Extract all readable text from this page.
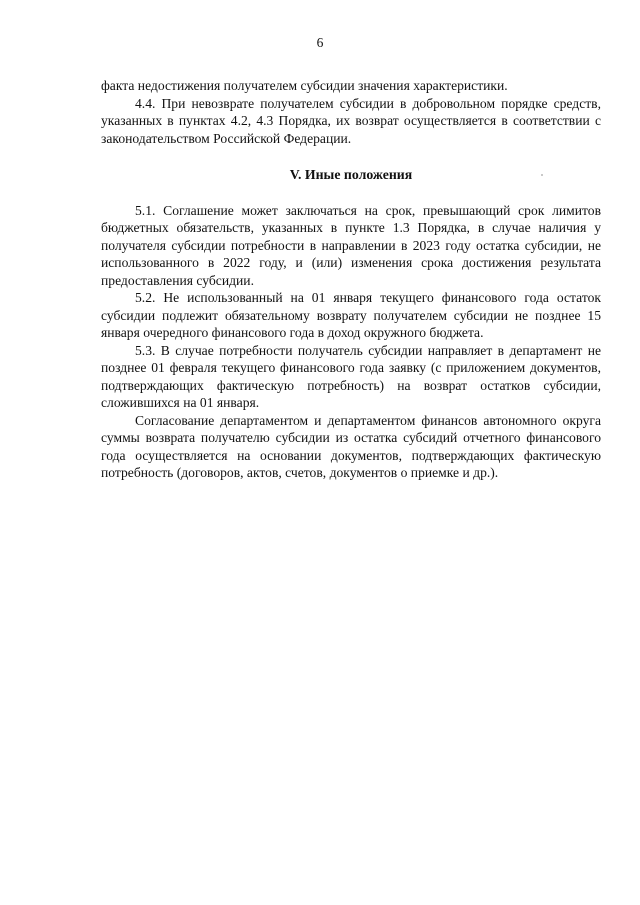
6

факта недостижения получателем субсидии значения характеристики.

4.4. При невозврате получателем субсидии в добровольном порядке средств, указанных в пунктах 4.2, 4.3 Порядка, их возврат осуществляется в соответствии с законодательством Российской Федерации.

V. Иные положения

5.1. Соглашение может заключаться на срок, превышающий срок лимитов бюджетных обязательств, указанных в пункте 1.3 Порядка, в случае наличия у получателя субсидии потребности в направлении в 2023 году остатка субсидии, не использованного в 2022 году, и (или) изменения срока достижения результата предоставления субсидии.

5.2. Не использованный на 01 января текущего финансового года остаток субсидии подлежит обязательному возврату получателем субсидии не позднее 15 января очередного финансового года в доход окружного бюджета.

5.3. В случае потребности получатель субсидии направляет в департамент не позднее 01 февраля текущего финансового года заявку (с приложением документов, подтверждающих фактическую потребность) на возврат остатков субсидии, сложившихся на 01 января.

Согласование департаментом и департаментом финансов автономного округа суммы возврата получателю субсидии из остатка субсидий отчетного финансового года осуществляется на основании документов, подтверждающих фактическую потребность (договоров, актов, счетов, документов о приемке и др.).
